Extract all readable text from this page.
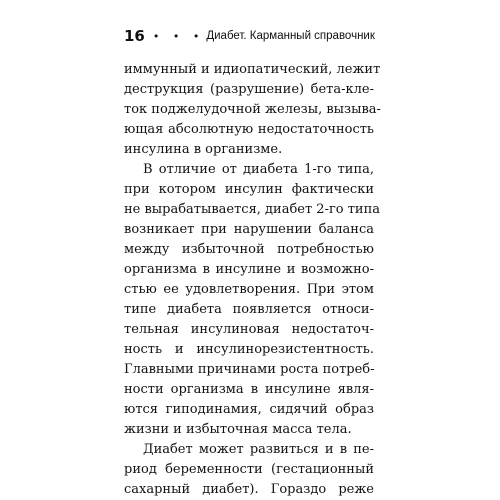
16 • • • Диабет. Карманный справочник
иммунный и идиопатический, лежит
деструкция (разрушение) бета-кле-
ток поджелудочной железы, вызыва-
ющая абсолютную недостаточность
инсулина в организме.
В отличие от диабета 1-го типа,
при котором инсулин фактически
не вырабатывается, диабет 2-го типа
возникает при нарушении баланса
между избыточной потребностью
организма в инсулине и возможно-
стью ее удовлетворения. При этом
типе диабета появляется относи-
тельная инсулиновая недостаточ-
ность и инсулинорезистентность.
Главными причинами роста потреб-
ности организма в инсулине явля-
ются гиподинамия, сидячий образ
жизни и избыточная масса тела.
Диабет может развиться и в пе-
риод беременности (гестационный
сахарный диабет). Гораздо реже
